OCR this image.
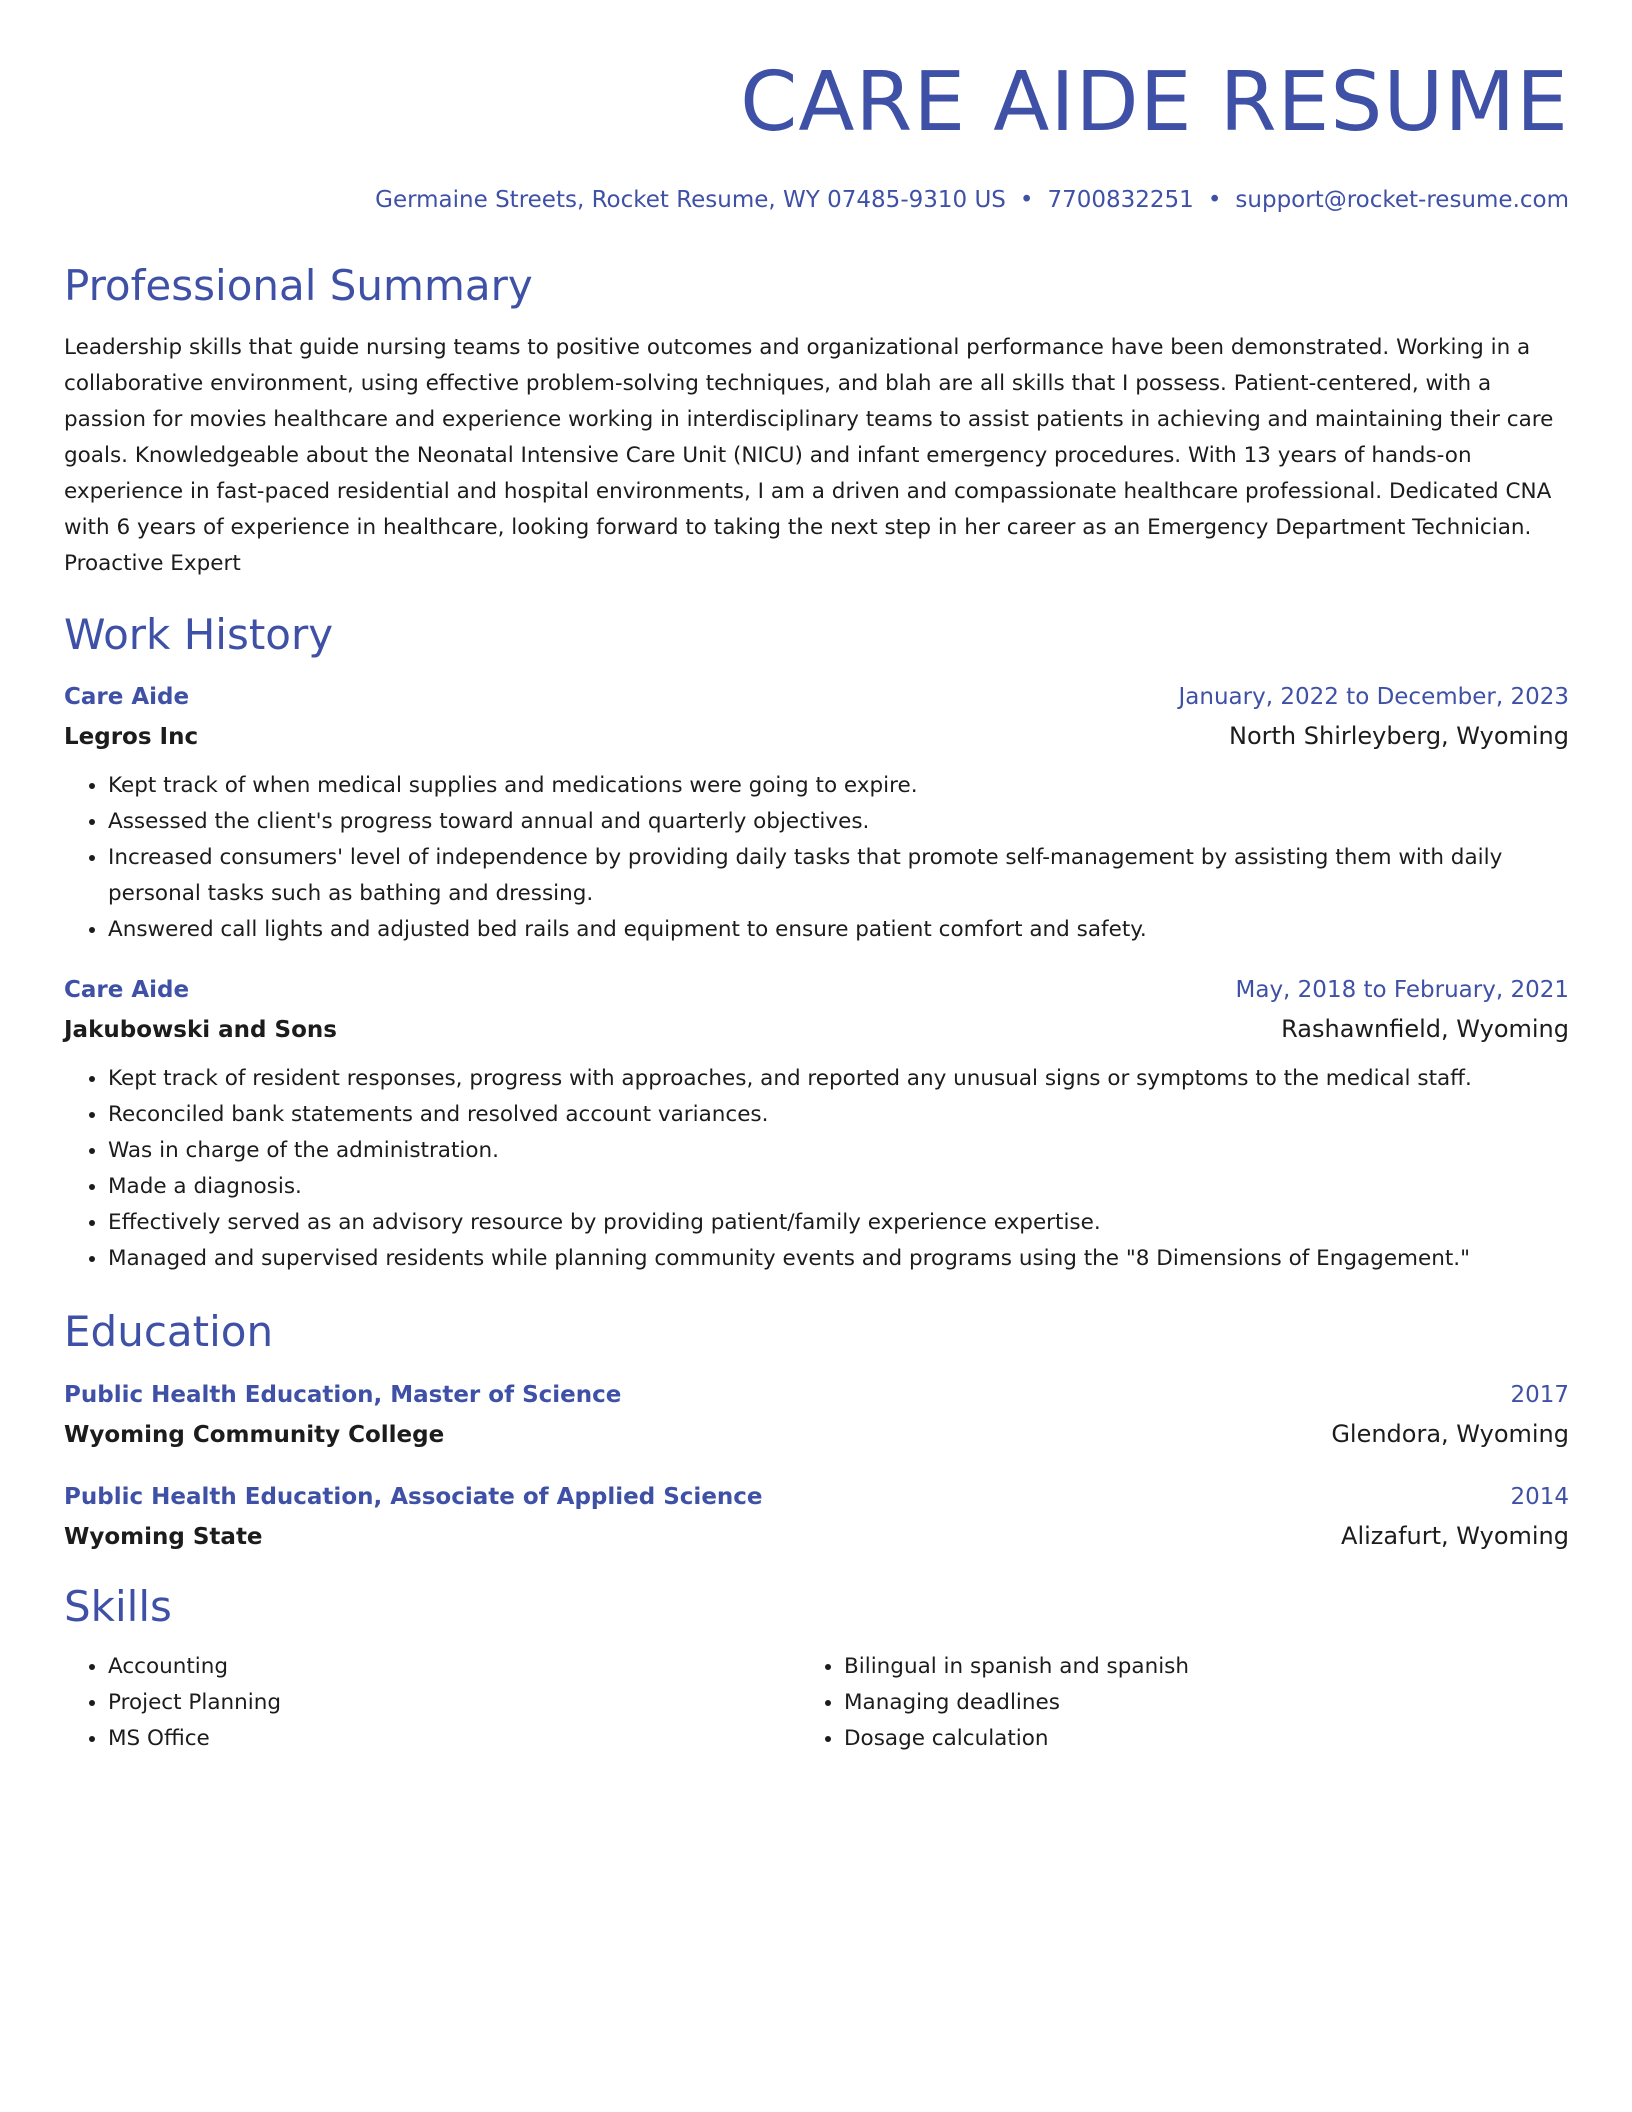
CARE AIDE RESUME
Germaine Streets, Rocket Resume, WY 07485-9310 US • 7700832251 • support@rocket-resume.com
Professional Summary
Leadership skills that guide nursing teams to positive outcomes and organizational performance have been demonstrated. Working in a collaborative environment, using effective problem-solving techniques, and blah are all skills that I possess. Patient-centered, with a passion for movies healthcare and experience working in interdisciplinary teams to assist patients in achieving and maintaining their care goals. Knowledgeable about the Neonatal Intensive Care Unit (NICU) and infant emergency procedures. With 13 years of hands-on experience in fast-paced residential and hospital environments, I am a driven and compassionate healthcare professional. Dedicated CNA with 6 years of experience in healthcare, looking forward to taking the next step in her career as an Emergency Department Technician. Proactive Expert
Work History
Care Aide	January, 2022 to December, 2023
Legros Inc	North Shirleyberg, Wyoming
• Kept track of when medical supplies and medications were going to expire.
• Assessed the client's progress toward annual and quarterly objectives.
• Increased consumers' level of independence by providing daily tasks that promote self-management by assisting them with daily personal tasks such as bathing and dressing.
• Answered call lights and adjusted bed rails and equipment to ensure patient comfort and safety.
Care Aide	May, 2018 to February, 2021
Jakubowski and Sons	Rashawnfield, Wyoming
• Kept track of resident responses, progress with approaches, and reported any unusual signs or symptoms to the medical staff.
• Reconciled bank statements and resolved account variances.
• Was in charge of the administration.
• Made a diagnosis.
• Effectively served as an advisory resource by providing patient/family experience expertise.
• Managed and supervised residents while planning community events and programs using the "8 Dimensions of Engagement."
Education
Public Health Education, Master of Science	2017
Wyoming Community College	Glendora, Wyoming
Public Health Education, Associate of Applied Science	2014
Wyoming State	Alizafurt, Wyoming
Skills
• Accounting
• Project Planning
• MS Office
• Bilingual in spanish and spanish
• Managing deadlines
• Dosage calculation
